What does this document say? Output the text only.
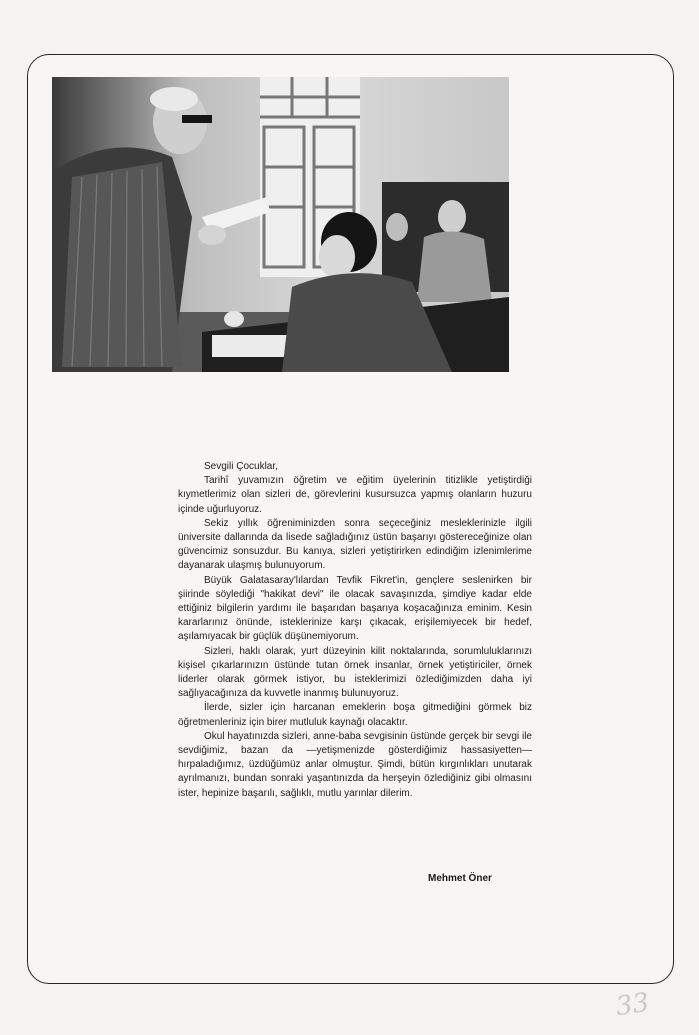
Sevgili Çocuklar,

Tarihî yuvamızın öğretim ve eğitim üyelerinin titizlikle yetiştirdiği kıymetlerimiz olan sizleri de, görevlerini kusursuzca yapmış olanların huzuru içinde uğurluyoruz.

Sekiz yıllık öğreniminizden sonra seçeceğiniz mesleklerinizle ilgili üniversite dallarında da lisede sağladığınız üstün başarıyı göstereceğinize olan güvencimiz sonsuzdur. Bu kanıya, sizleri yetiştirirken edindiğim izlenimlerime dayanarak ulaşmış bulunuyorum.

Büyük Galatasaray'lılardan Tevfik Fikret'in, gençlere seslenirken bir şiirinde söylediği "hakikat devi" ile olacak savaşınızda, şimdiye kadar elde ettiğiniz bilgilerin yardımı ile başarıdan başarıya koşacağınıza eminim. Kesin kararlarınız önünde, isteklerinize karşı çıkacak, erişilemiyecek bir hedef, aşılamıyacak bir güçlük düşünemiyorum.

Sizleri, haklı olarak, yurt düzeyinin kilit noktalarında, sorumluluklarınızı kişisel çıkarlarınızın üstünde tutan örnek insanlar, örnek yetiştiriciler, örnek liderler olarak görmek istiyor, bu isteklerimizi özlediğimizden daha iyi sağlıyacağınıza da kuvvetle inanmış bulunuyoruz.

İlerde, sizler için harcanan emeklerin boşa gitmediğini görmek biz öğretmenleriniz için birer mutluluk kaynağı olacaktır.

Okul hayatınızda sizleri, anne-baba sevgisinin üstünde gerçek bir sevgi ile sevdiğimiz, bazan da —yetişmenizde gösterdiğimiz hassasiyetten— hırpaladığımız, üzdüğümüz anlar olmuştur. Şimdi, bütün kırgınlıkları unutarak ayrılmanızı, bundan sonraki yaşantınızda da herşeyin özlediğiniz gibi olmasını ister, hepinize başarılı, sağlıklı, mutlu yarınlar dilerim.

Mehmet Öner
33
